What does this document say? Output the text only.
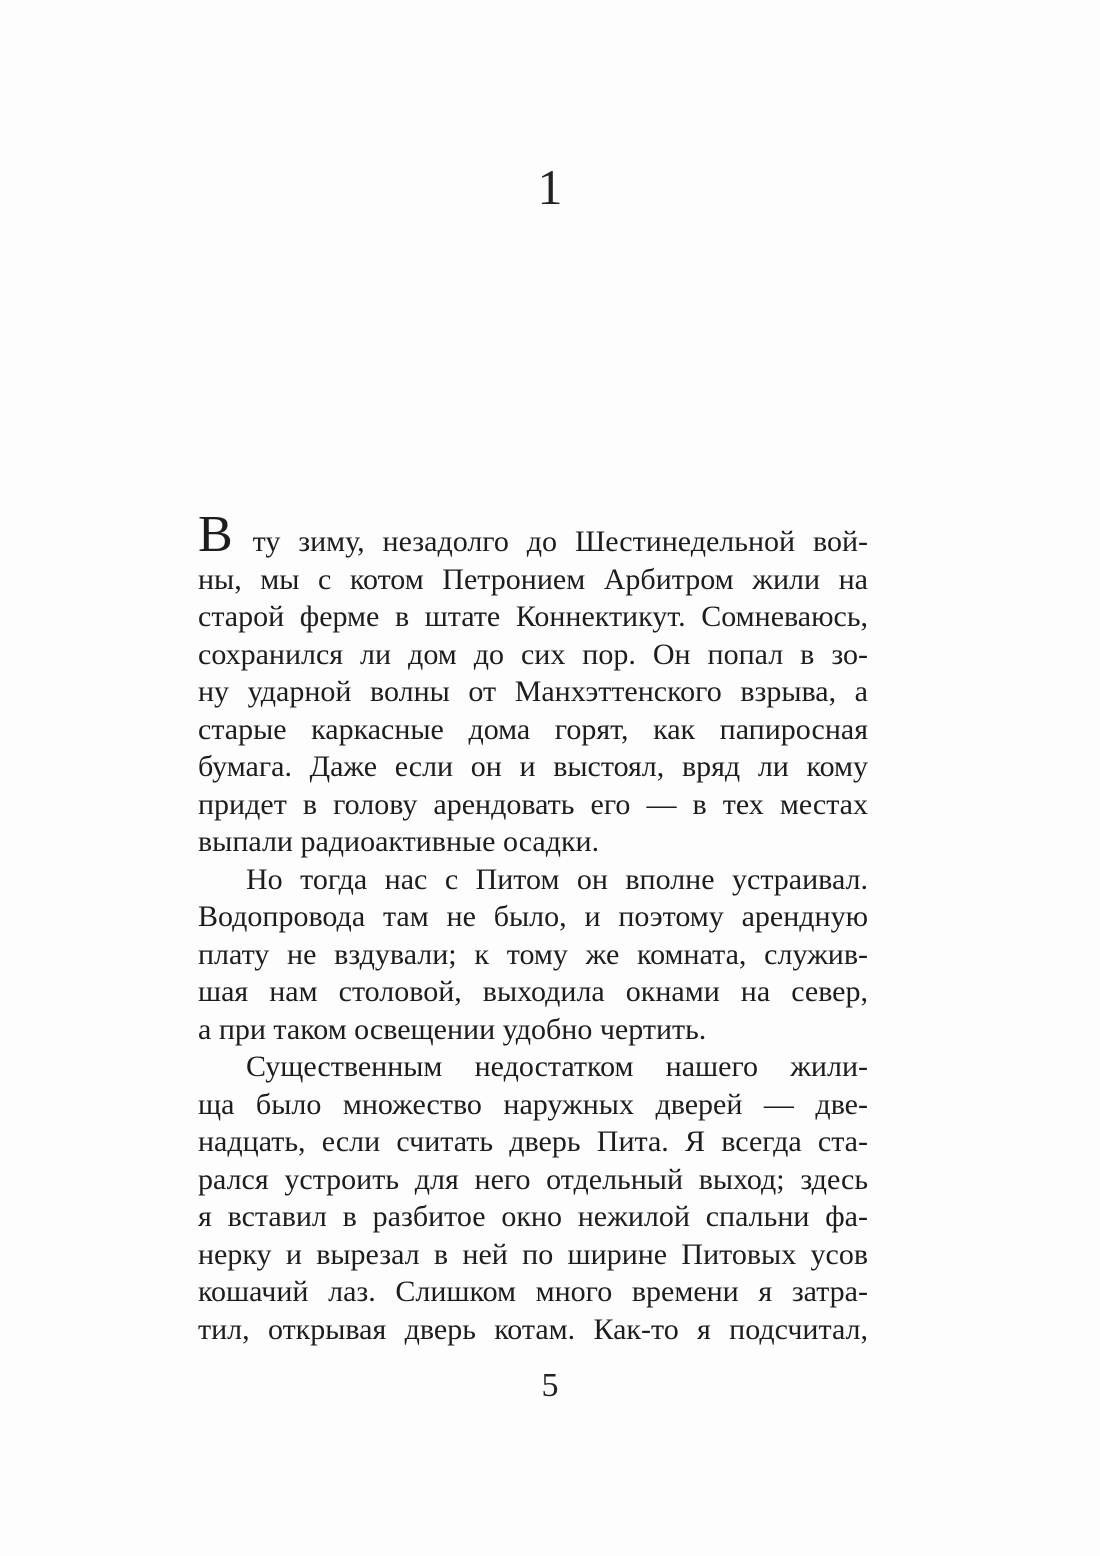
1
В ту зиму, незадолго до Шестинедельной вой-
ны, мы с котом Петронием Арбитром жили на
старой ферме в штате Коннектикут. Сомневаюсь,
сохранился ли дом до сих пор. Он попал в зо-
ну ударной волны от Манхэттенского взрыва, а
старые каркасные дома горят, как папиросная
бумага. Даже если он и выстоял, вряд ли кому
придет в голову арендовать его — в тех местах
выпали радиоактивные осадки.
Но тогда нас с Питом он вполне устраивал.
Водопровода там не было, и поэтому арендную
плату не вздували; к тому же комната, служив-
шая нам столовой, выходила окнами на север,
а при таком освещении удобно чертить.
Существенным недостатком нашего жили-
ща было множество наружных дверей — две-
надцать, если считать дверь Пита. Я всегда ста-
рался устроить для него отдельный выход; здесь
я вставил в разбитое окно нежилой спальни фа-
нерку и вырезал в ней по ширине Питовых усов
кошачий лаз. Слишком много времени я затра-
тил, открывая дверь котам. Как-то я подсчитал,
5
